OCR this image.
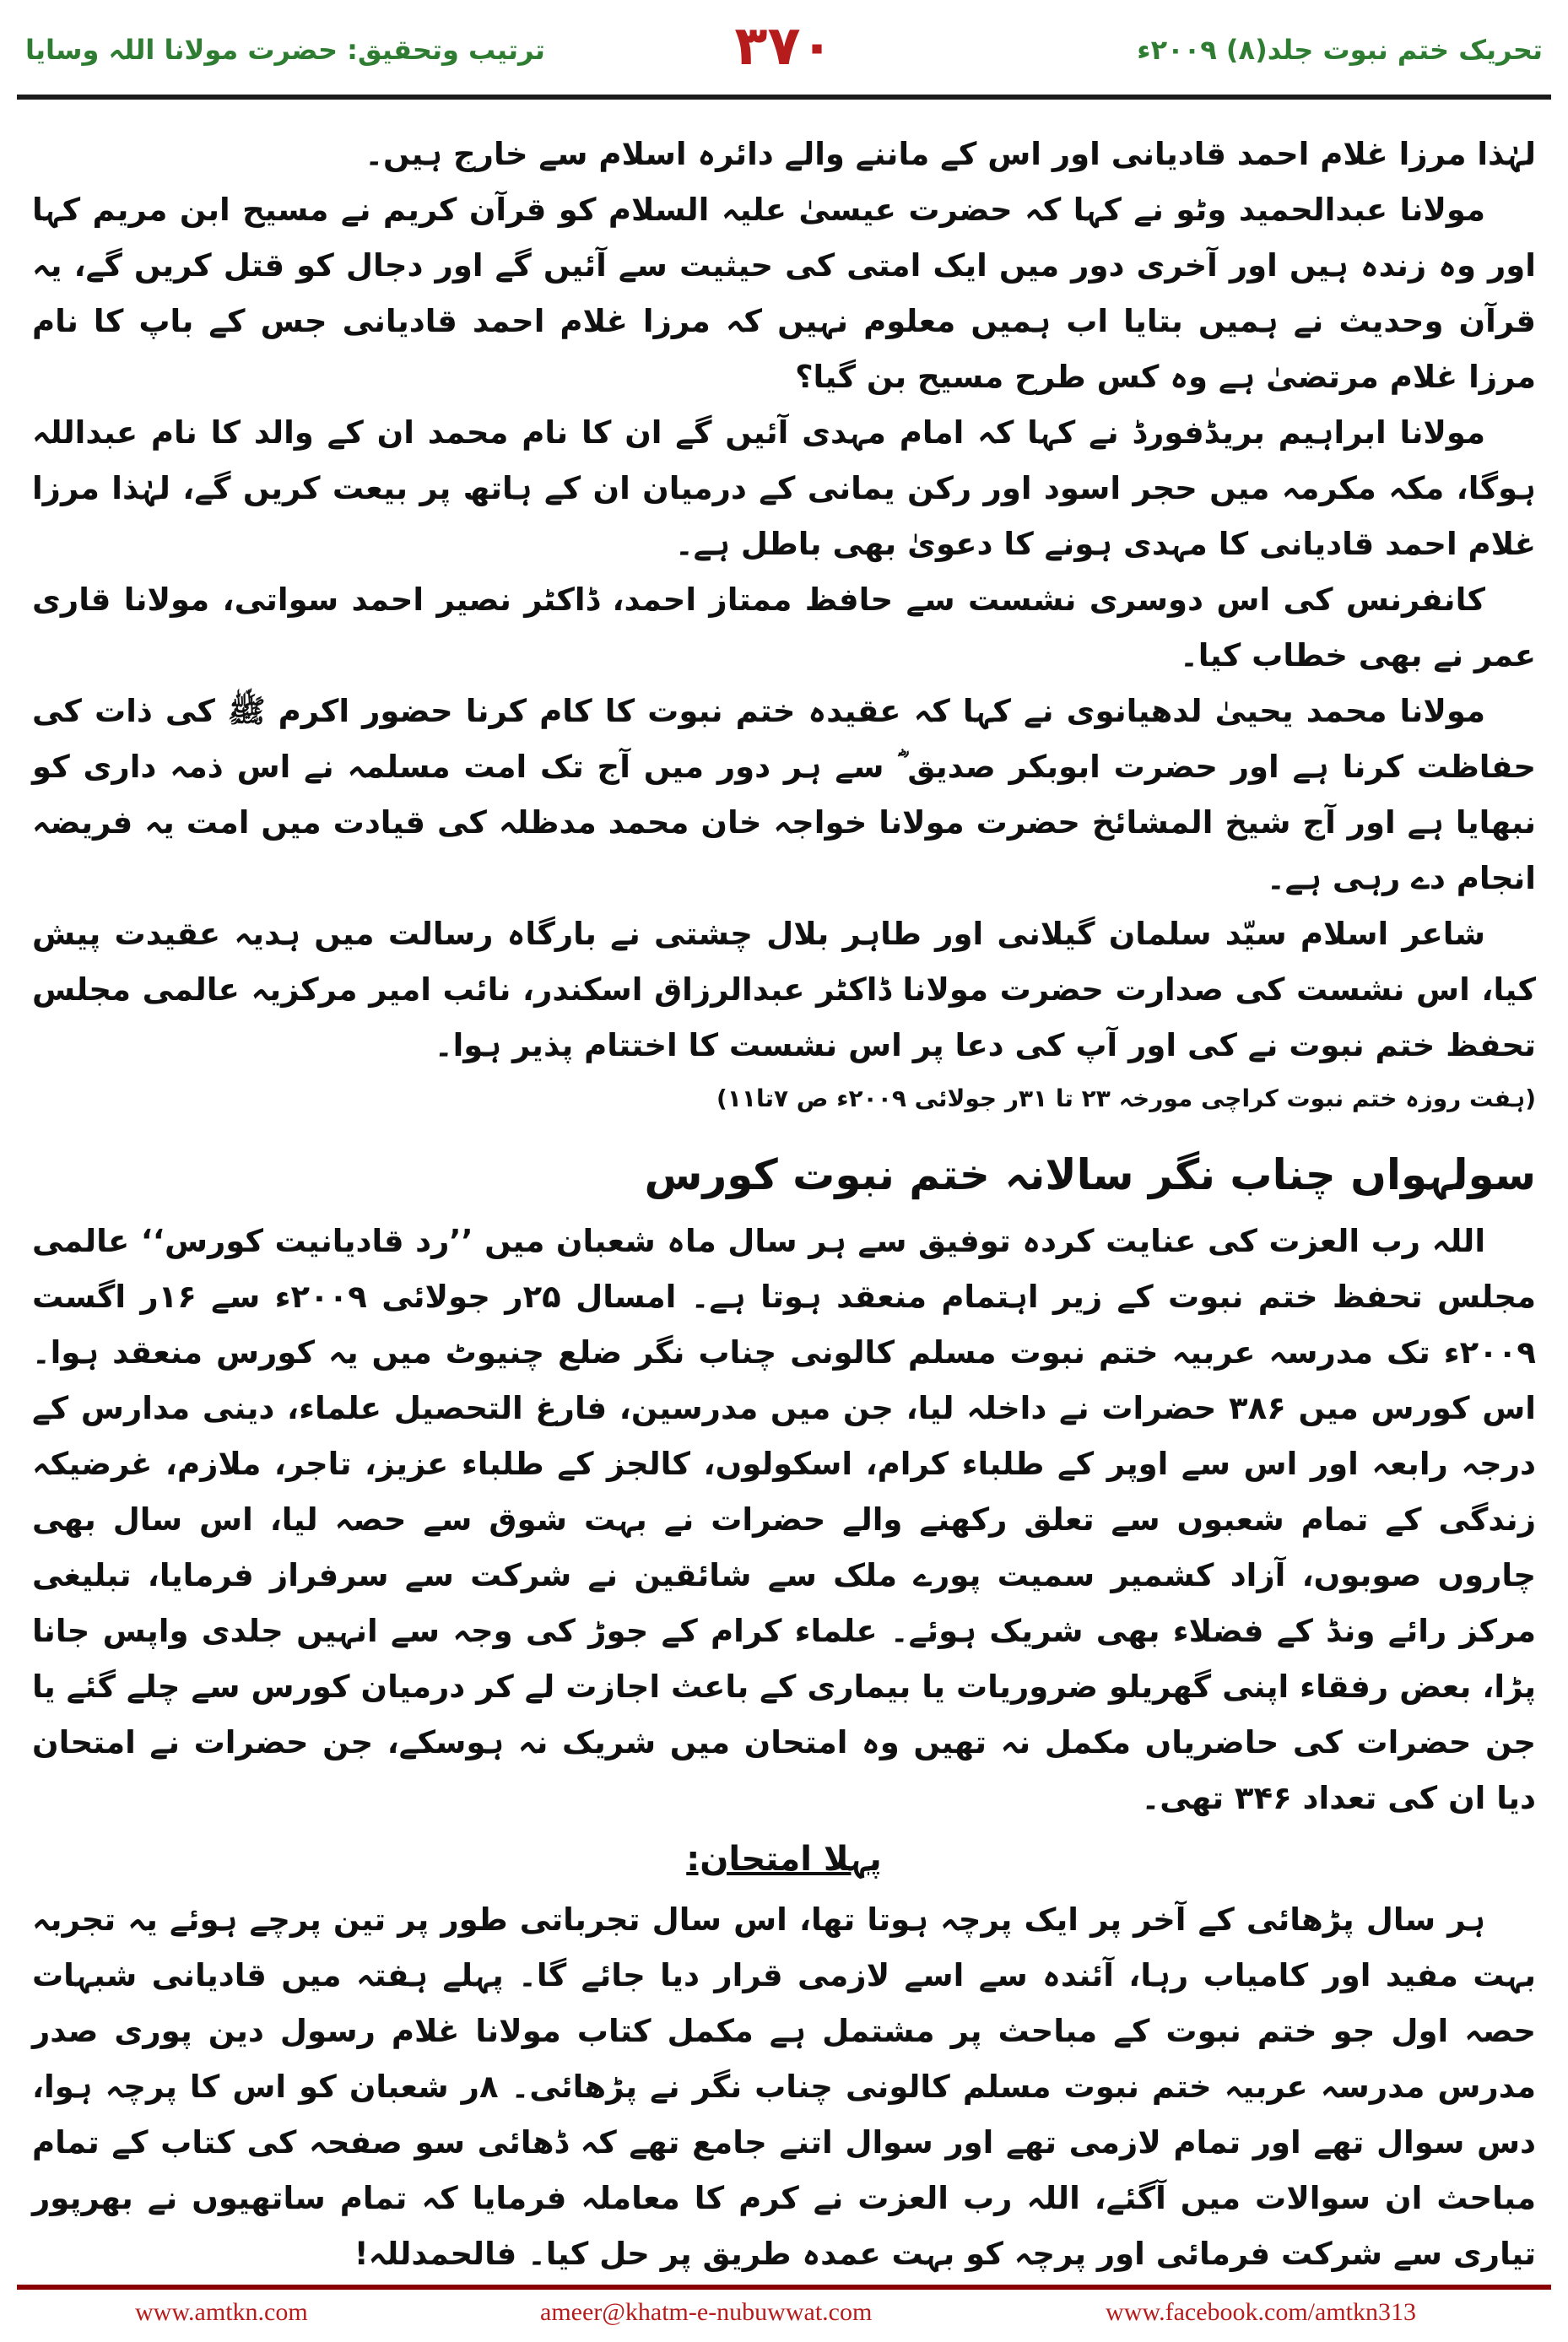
ترتیب وتحقیق: حضرت مولانا اللہ وسایا	۳۷۰	تحریک ختم نبوت جلد(۸) ۲۰۰۹ء

لہٰذا مرزا غلام احمد قادیانی اور اس کے ماننے والے دائرہ اسلام سے خارج ہیں۔

مولانا عبدالحمید وٹو نے کہا کہ حضرت عیسیٰ علیہ السلام کو قرآن کریم نے مسیح ابن مریم کہا اور وہ زندہ ہیں اور آخری دور میں ایک امتی کی حیثیت سے آئیں گے اور دجال کو قتل کریں گے، یہ قرآن وحدیث نے ہمیں بتایا اب ہمیں معلوم نہیں کہ مرزا غلام احمد قادیانی جس کے باپ کا نام مرزا غلام مرتضیٰ ہے وہ کس طرح مسیح بن گیا؟

مولانا ابراہیم بریڈفورڈ نے کہا کہ امام مہدی آئیں گے ان کا نام محمد ان کے والد کا نام عبداللہ ہوگا، مکہ مکرمہ میں حجر اسود اور رکن یمانی کے درمیان ان کے ہاتھ پر بیعت کریں گے، لہٰذا مرزا غلام احمد قادیانی کا مہدی ہونے کا دعویٰ بھی باطل ہے۔

کانفرنس کی اس دوسری نشست سے حافظ ممتاز احمد، ڈاکٹر نصیر احمد سواتی، مولانا قاری عمر نے بھی خطاب کیا۔

مولانا محمد یحییٰ لدھیانوی نے کہا کہ عقیدہ ختم نبوت کا کام کرنا حضور اکرم ﷺ کی ذات کی حفاظت کرنا ہے اور حضرت ابوبکر صدیق ؓ سے ہر دور میں آج تک امت مسلمہ نے اس ذمہ داری کو نبھایا ہے اور آج شیخ المشائخ حضرت مولانا خواجہ خان محمد مدظلہ کی قیادت میں امت یہ فریضہ انجام دے رہی ہے۔

شاعر اسلام سیّد سلمان گیلانی اور طاہر بلال چشتی نے بارگاہ رسالت میں ہدیہ عقیدت پیش کیا، اس نشست کی صدارت حضرت مولانا ڈاکٹر عبدالرزاق اسکندر، نائب امیر مرکزیہ عالمی مجلس تحفظ ختم نبوت نے کی اور آپ کی دعا پر اس نشست کا اختتام پذیر ہوا۔

(ہفت روزہ ختم نبوت کراچی مورخہ ۲۳ تا ۳۱ر جولائی ۲۰۰۹ء ص ۷تا۱۱)

سولہواں چناب نگر سالانہ ختم نبوت کورس

اللہ رب العزت کی عنایت کردہ توفیق سے ہر سال ماہ شعبان میں ’’رد قادیانیت کورس‘‘ عالمی مجلس تحفظ ختم نبوت کے زیر اہتمام منعقد ہوتا ہے۔ امسال ۲۵ر جولائی ۲۰۰۹ء سے ۱۶ر اگست ۲۰۰۹ء تک مدرسہ عربیہ ختم نبوت مسلم کالونی چناب نگر ضلع چنیوٹ میں یہ کورس منعقد ہوا۔ اس کورس میں ۳۸۶ حضرات نے داخلہ لیا، جن میں مدرسین، فارغ التحصیل علماء، دینی مدارس کے درجہ رابعہ اور اس سے اوپر کے طلباء کرام، اسکولوں، کالجز کے طلباء عزیز، تاجر، ملازم، غرضیکہ زندگی کے تمام شعبوں سے تعلق رکھنے والے حضرات نے بہت شوق سے حصہ لیا، اس سال بھی چاروں صوبوں، آزاد کشمیر سمیت پورے ملک سے شائقین نے شرکت سے سرفراز فرمایا، تبلیغی مرکز رائے ونڈ کے فضلاء بھی شریک ہوئے۔ علماء کرام کے جوڑ کی وجہ سے انہیں جلدی واپس جانا پڑا، بعض رفقاء اپنی گھریلو ضروریات یا بیماری کے باعث اجازت لے کر درمیان کورس سے چلے گئے یا جن حضرات کی حاضریاں مکمل نہ تھیں وہ امتحان میں شریک نہ ہوسکے، جن حضرات نے امتحان دیا ان کی تعداد ۳۴۶ تھی۔

پہلا امتحان:

ہر سال پڑھائی کے آخر پر ایک پرچہ ہوتا تھا، اس سال تجرباتی طور پر تین پرچے ہوئے یہ تجربہ بہت مفید اور کامیاب رہا، آئندہ سے اسے لازمی قرار دیا جائے گا۔ پہلے ہفتہ میں قادیانی شبہات حصہ اول جو ختم نبوت کے مباحث پر مشتمل ہے مکمل کتاب مولانا غلام رسول دین پوری صدر مدرس مدرسہ عربیہ ختم نبوت مسلم کالونی چناب نگر نے پڑھائی۔ ۸ر شعبان کو اس کا پرچہ ہوا، دس سوال تھے اور تمام لازمی تھے اور سوال اتنے جامع تھے کہ ڈھائی سو صفحہ کی کتاب کے تمام مباحث ان سوالات میں آگئے، اللہ رب العزت نے کرم کا معاملہ فرمایا کہ تمام ساتھیوں نے بھرپور تیاری سے شرکت فرمائی اور پرچہ کو بہت عمدہ طریق پر حل کیا۔ فالحمدللہ!

www.amtkn.com	ameer@khatm-e-nubuwwat.com	www.facebook.com/amtkn313
